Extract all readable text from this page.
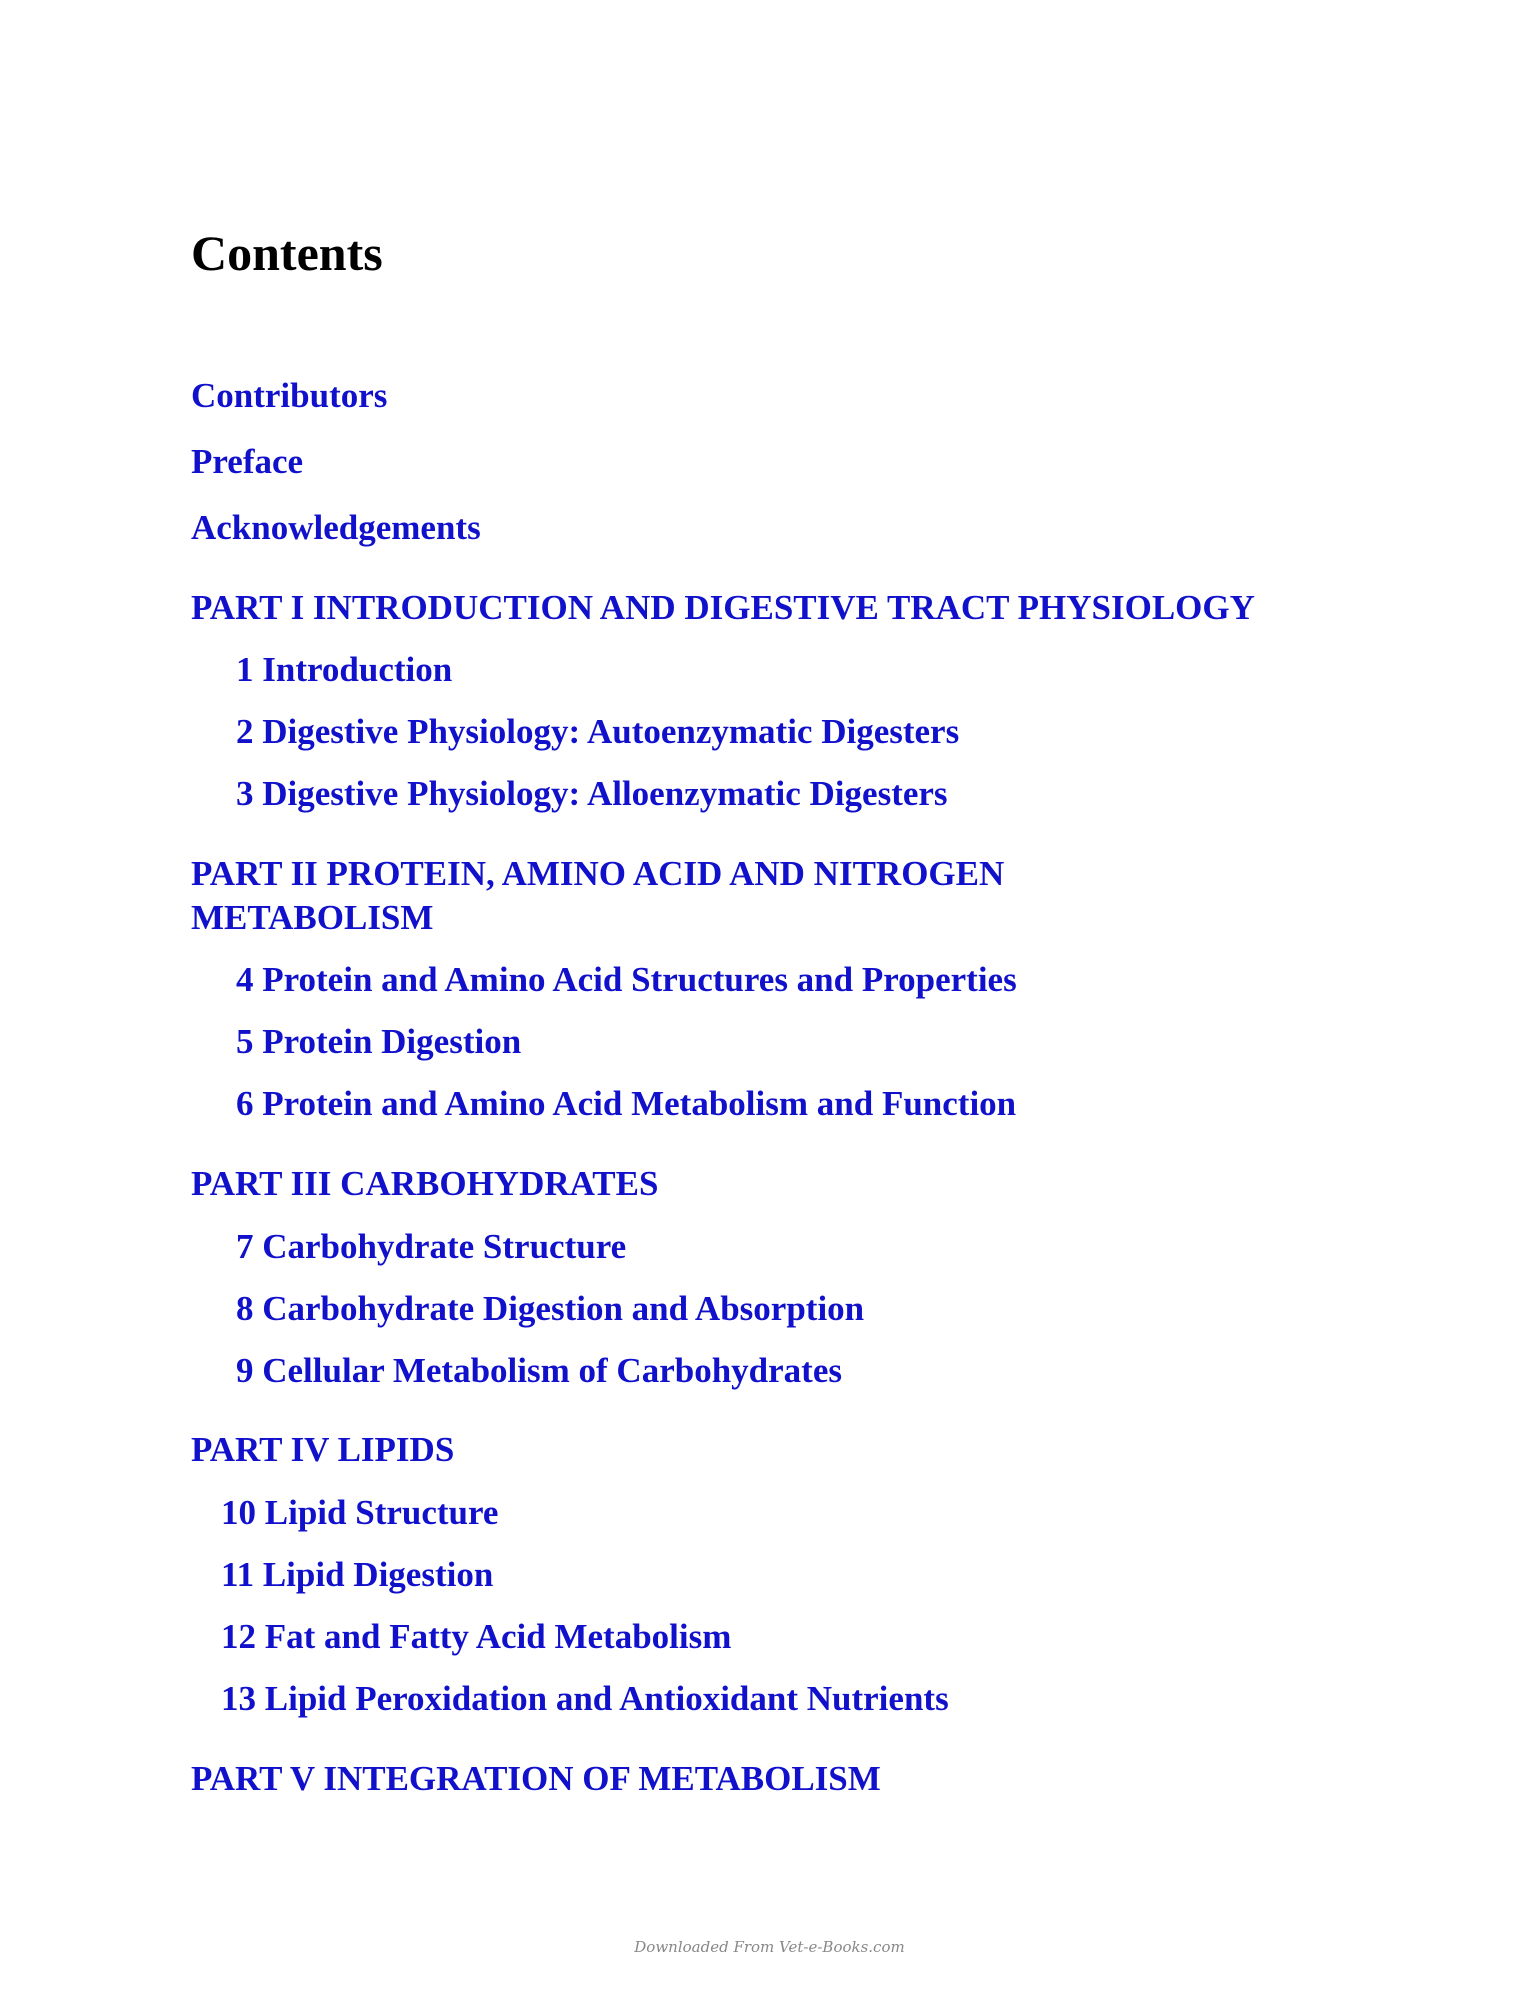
Contents
Contributors
Preface
Acknowledgements
PART I INTRODUCTION AND DIGESTIVE TRACT PHYSIOLOGY
1 Introduction
2 Digestive Physiology: Autoenzymatic Digesters
3 Digestive Physiology: Alloenzymatic Digesters
PART II PROTEIN, AMINO ACID AND NITROGEN METABOLISM
4 Protein and Amino Acid Structures and Properties
5 Protein Digestion
6 Protein and Amino Acid Metabolism and Function
PART III CARBOHYDRATES
7 Carbohydrate Structure
8 Carbohydrate Digestion and Absorption
9 Cellular Metabolism of Carbohydrates
PART IV LIPIDS
10 Lipid Structure
11 Lipid Digestion
12 Fat and Fatty Acid Metabolism
13 Lipid Peroxidation and Antioxidant Nutrients
PART V INTEGRATION OF METABOLISM
Downloaded From Vet-e-Books.com
